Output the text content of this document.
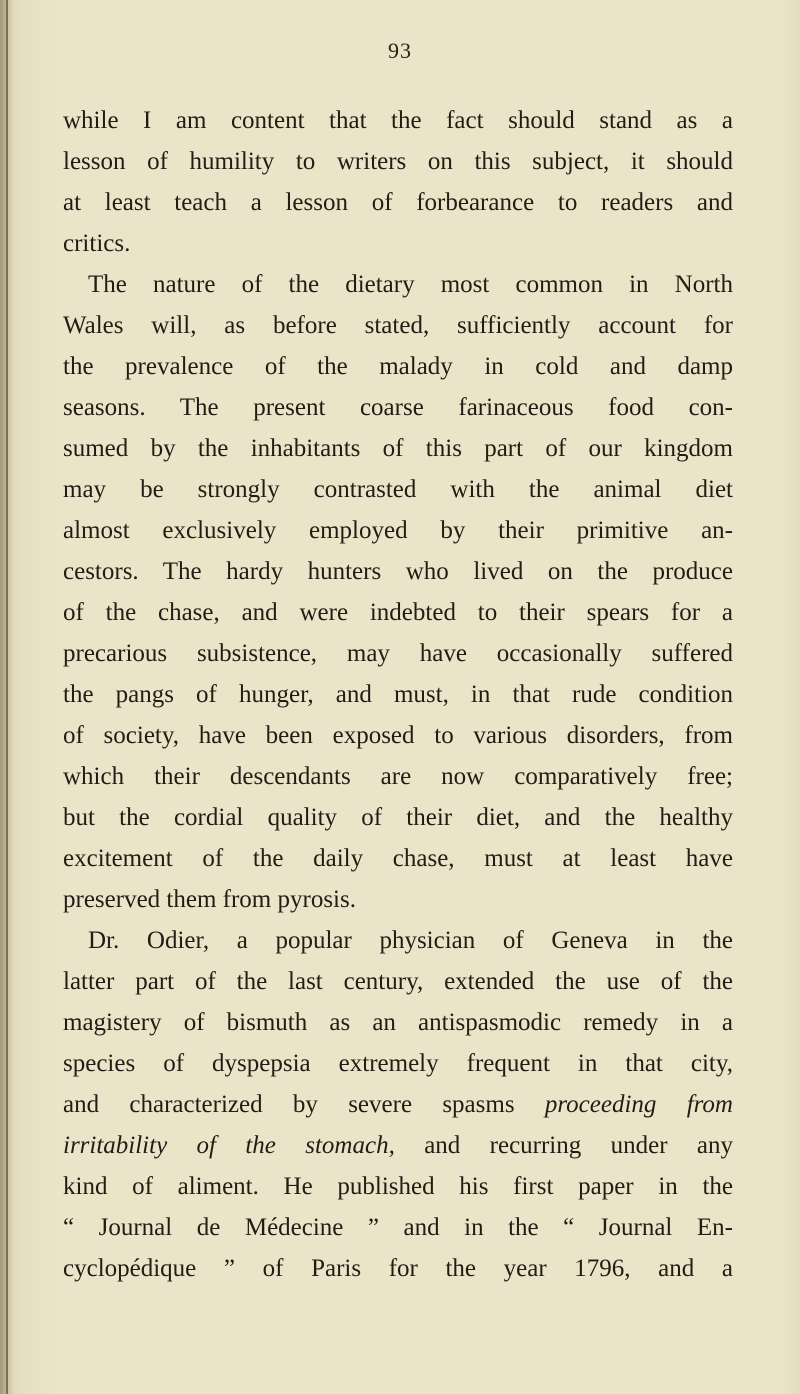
93
while I am content that the fact should stand as a
lesson of humility to writers on this subject, it should
at least teach a lesson of forbearance to readers and
critics.
The nature of the dietary most common in North
Wales will, as before stated, sufficiently account for
the prevalence of the malady in cold and damp
seasons. The present coarse farinaceous food con-
sumed by the inhabitants of this part of our kingdom
may be strongly contrasted with the animal diet
almost exclusively employed by their primitive an-
cestors. The hardy hunters who lived on the produce
of the chase, and were indebted to their spears for a
precarious subsistence, may have occasionally suffered
the pangs of hunger, and must, in that rude condition
of society, have been exposed to various disorders, from
which their descendants are now comparatively free;
but the cordial quality of their diet, and the healthy
excitement of the daily chase, must at least have
preserved them from pyrosis.
Dr. Odier, a popular physician of Geneva in the
latter part of the last century, extended the use of the
magistery of bismuth as an antispasmodic remedy in a
species of dyspepsia extremely frequent in that city,
and characterized by severe spasms proceeding from
irritability of the stomach, and recurring under any
kind of aliment. He published his first paper in the
“ Journal de Médecine ” and in the “ Journal En-
cyclopédique ” of Paris for the year 1796, and a
